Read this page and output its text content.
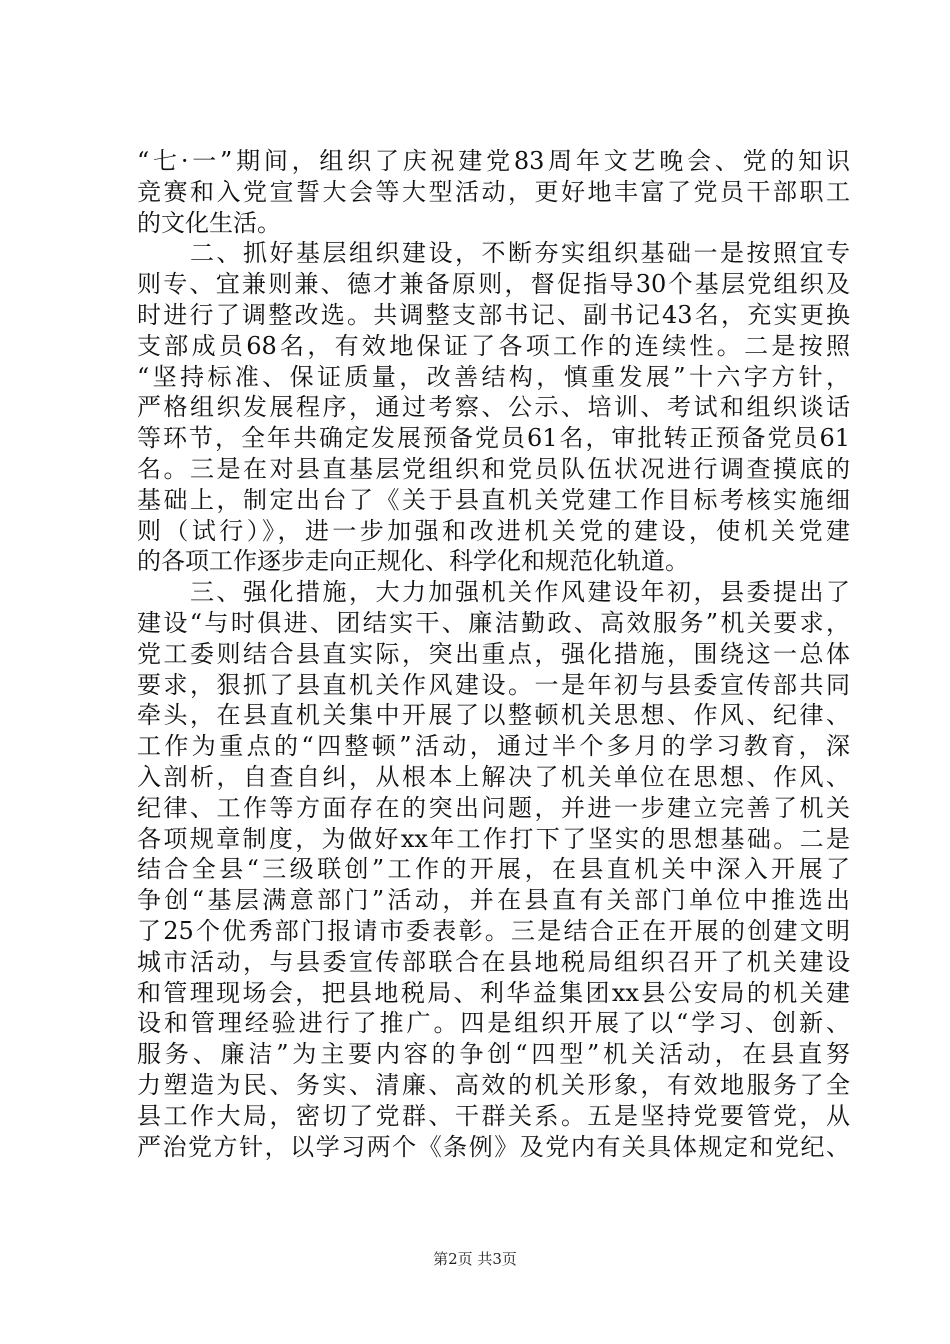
“七·一”期间，组织了庆祝建党83周年文艺晚会、党的知识
竞赛和入党宣誓大会等大型活动，更好地丰富了党员干部职工
的文化生活。
　　二、抓好基层组织建设，不断夯实组织基础一是按照宜专
则专、宜兼则兼、德才兼备原则，督促指导30个基层党组织及
时进行了调整改选。共调整支部书记、副书记43名，充实更换
支部成员68名，有效地保证了各项工作的连续性。二是按照
“坚持标准、保证质量，改善结构，慎重发展”十六字方针，
严格组织发展程序，通过考察、公示、培训、考试和组织谈话
等环节，全年共确定发展预备党员61名，审批转正预备党员61
名。三是在对县直基层党组织和党员队伍状况进行调查摸底的
基础上，制定出台了《关于县直机关党建工作目标考核实施细
则（试行）》，进一步加强和改进机关党的建设，使机关党建
的各项工作逐步走向正规化、科学化和规范化轨道。
　　三、强化措施，大力加强机关作风建设年初，县委提出了
建设“与时俱进、团结实干、廉洁勤政、高效服务”机关要求，
党工委则结合县直实际，突出重点，强化措施，围绕这一总体
要求，狠抓了县直机关作风建设。一是年初与县委宣传部共同
牵头，在县直机关集中开展了以整顿机关思想、作风、纪律、
工作为重点的“四整顿”活动，通过半个多月的学习教育，深
入剖析，自查自纠，从根本上解决了机关单位在思想、作风、
纪律、工作等方面存在的突出问题，并进一步建立完善了机关
各项规章制度，为做好xx年工作打下了坚实的思想基础。二是
结合全县“三级联创”工作的开展，在县直机关中深入开展了
争创“基层满意部门”活动，并在县直有关部门单位中推选出
了25个优秀部门报请市委表彰。三是结合正在开展的创建文明
城市活动，与县委宣传部联合在县地税局组织召开了机关建设
和管理现场会，把县地税局、利华益集团xx县公安局的机关建
设和管理经验进行了推广。四是组织开展了以“学习、创新、
服务、廉洁”为主要内容的争创“四型”机关活动，在县直努
力塑造为民、务实、清廉、高效的机关形象，有效地服务了全
县工作大局，密切了党群、干群关系。五是坚持党要管党，从
严治党方针，以学习两个《条例》及党内有关具体规定和党纪、
第2页 共3页
